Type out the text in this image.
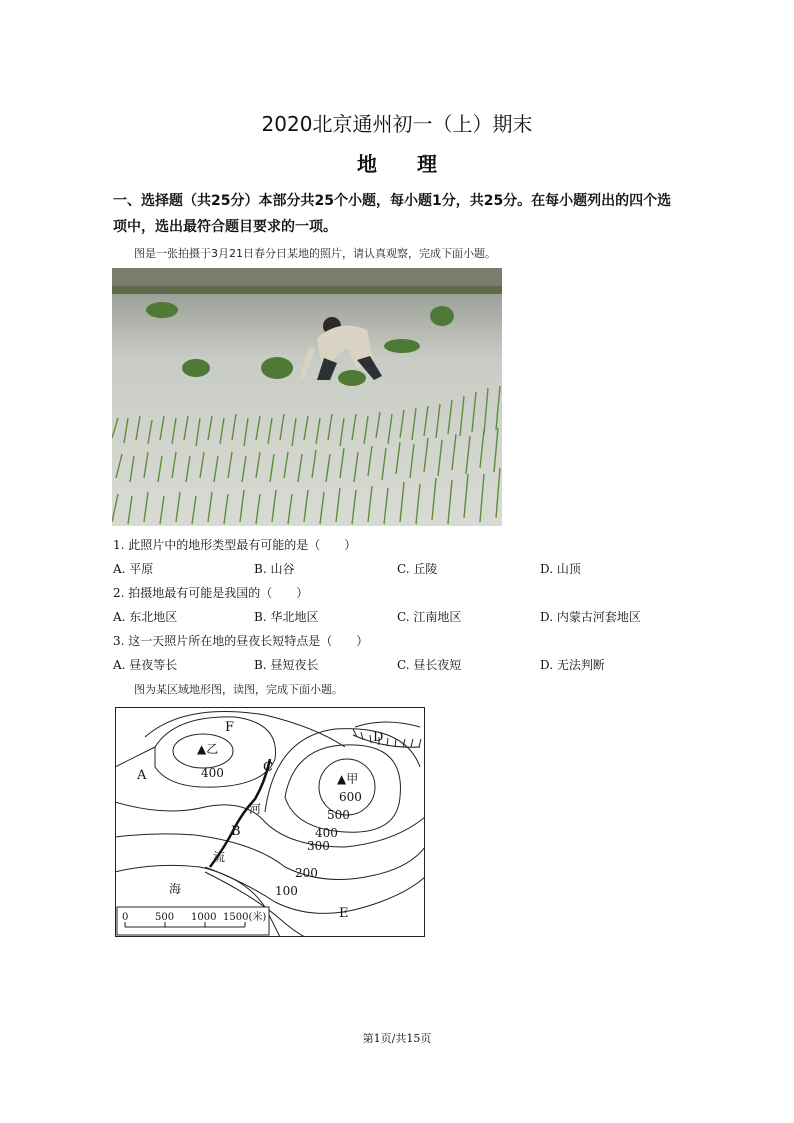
2020北京通州初一（上）期末
地　　理
一、选择题（共25分）本部分共25个小题，每小题1分，共25分。在每小题列出的四个选项中，选出最符合题目要求的一项。
图是一张拍摄于3月21日春分日某地的照片，请认真观察，完成下面小题。
1. 此照片中的地形类型最有可能的是（　　）
A. 平原	B. 山谷	C. 丘陵	D. 山顶
2. 拍摄地最有可能是我国的（　　）
A. 东北地区	B. 华北地区	C. 江南地区	D. 内蒙古河套地区
3. 这一天照片所在地的昼夜长短特点是（　　）
A. 昼夜等长	B. 昼短夜长	C. 昼长夜短	D. 无法判断
图为某区域地形图，读图，完成下面小题。
F
D
A
C
B
E
▲乙
▲甲
河
流
海
400
600
500
400
300
200
100
0	500 1000 1500(米)
第1页/共15页
